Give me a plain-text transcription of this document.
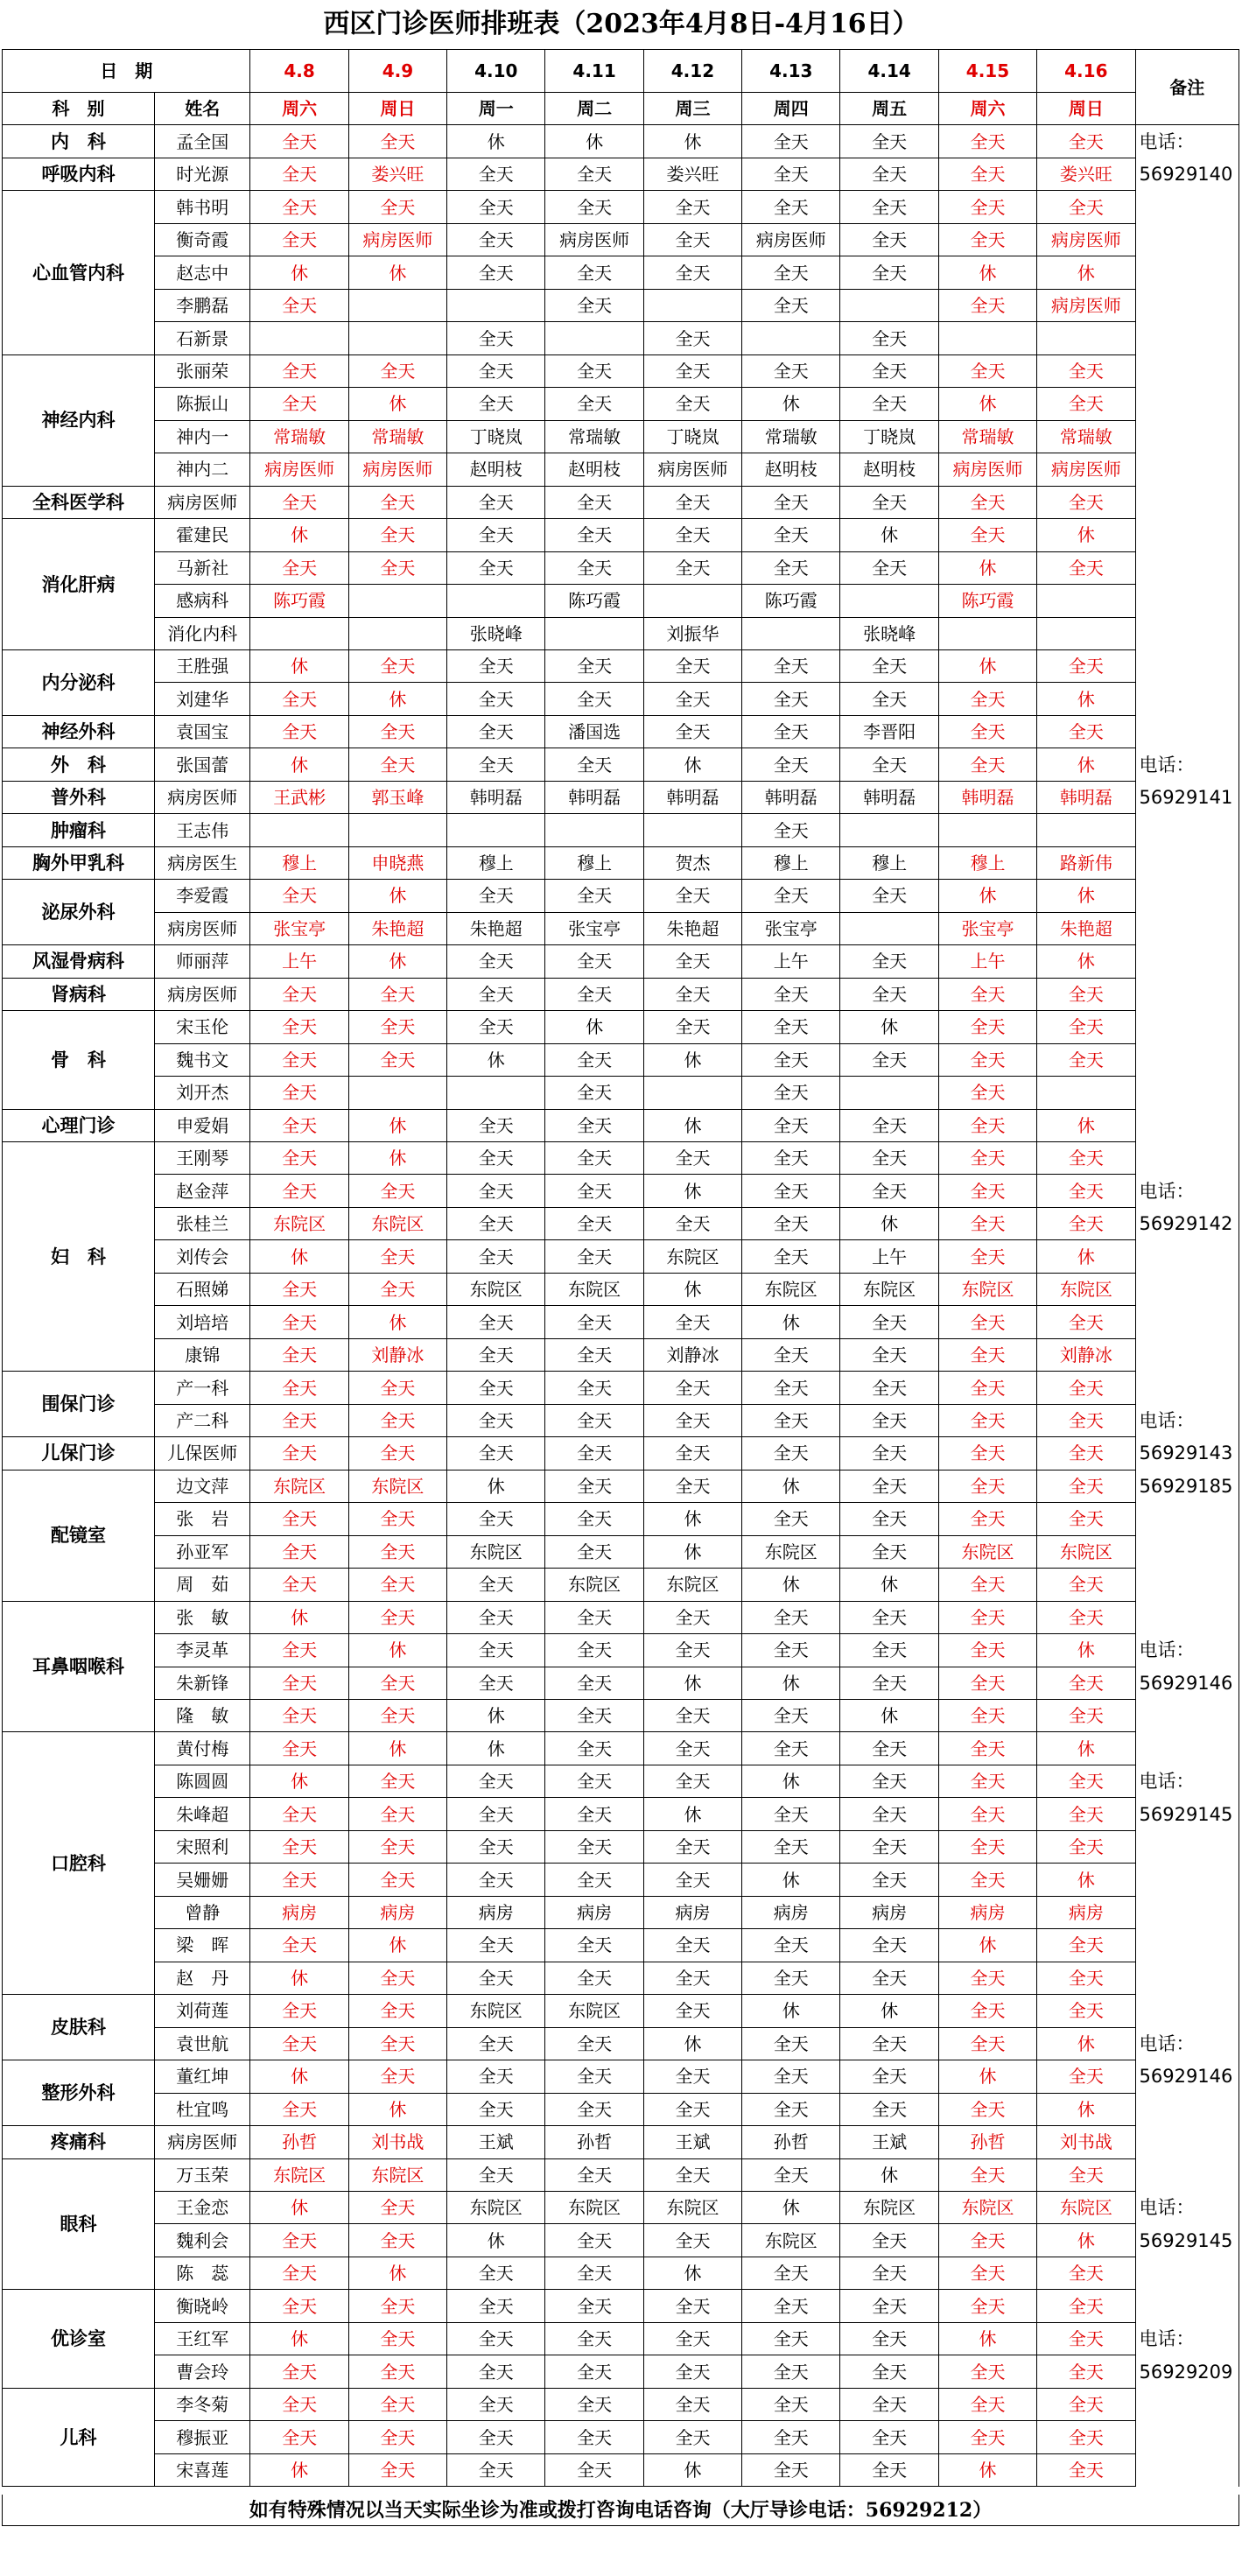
西区门诊医师排班表（2023年4月8日-4月16日）
日　期		4.8	4.9	4.10	4.11	4.12	4.13	4.14	4.15	4.16	备注
科　别	姓名	周六	周日	周一	周二	周三	周四	周五	周六	周日	
内　科	孟全国	全天	全天	休	休	休	全天	全天	全天	全天	电话：
呼吸内科	时光源	全天	娄兴旺	全天	全天	娄兴旺	全天	全天	全天	娄兴旺	56929140
心血管内科	韩书明	全天	全天	全天	全天	全天	全天	全天	全天	全天	
	衡奇霞	全天	病房医师	全天	病房医师	全天	病房医师	全天	全天	病房医师	
	赵志中	休	休	全天	全天	全天	全天	全天	休	休	
	李鹏磊	全天			全天		全天		全天	病房医师	
	石新景			全天		全天		全天			
神经内科	张丽荣	全天	全天	全天	全天	全天	全天	全天	全天	全天	
	陈振山	全天	休	全天	全天	全天	休	全天	休	全天	
	神内一	常瑞敏	常瑞敏	丁晓岚	常瑞敏	丁晓岚	常瑞敏	丁晓岚	常瑞敏	常瑞敏	
	神内二	病房医师	病房医师	赵明枝	赵明枝	病房医师	赵明枝	赵明枝	病房医师	病房医师	
全科医学科	病房医师	全天	全天	全天	全天	全天	全天	全天	全天	全天	
消化肝病	霍建民	休	全天	全天	全天	全天	全天	休	全天	休	
	马新社	全天	全天	全天	全天	全天	全天	全天	休	全天	
	感病科	陈巧霞			陈巧霞		陈巧霞		陈巧霞		
	消化内科			张晓峰		刘振华		张晓峰			
内分泌科	王胜强	休	全天	全天	全天	全天	全天	全天	休	全天	
	刘建华	全天	休	全天	全天	全天	全天	全天	全天	休	
神经外科	袁国宝	全天	全天	全天	潘国选	全天	全天	李晋阳	全天	全天	
外　科	张国蕾	休	全天	全天	全天	休	全天	全天	全天	休	电话：
普外科	病房医师	王武彬	郭玉峰	韩明磊	韩明磊	韩明磊	韩明磊	韩明磊	韩明磊	韩明磊	56929141
肿瘤科	王志伟						全天				
胸外甲乳科	病房医生	穆上	申晓燕	穆上	穆上	贺杰	穆上	穆上	穆上	路新伟	
泌尿外科	李爱霞	全天	休	全天	全天	全天	全天	全天	休	休	
	病房医师	张宝亭	朱艳超	朱艳超	张宝亭	朱艳超	张宝亭		张宝亭	朱艳超	
风湿骨病科	师丽萍	上午	休	全天	全天	全天	上午	全天	上午	休	
肾病科	病房医师	全天	全天	全天	全天	全天	全天	全天	全天	全天	
骨　科	宋玉伦	全天	全天	全天	休	全天	全天	休	全天	全天	
	魏书文	全天	全天	休	全天	休	全天	全天	全天	全天	
	刘开杰	全天			全天		全天		全天		
心理门诊	申爱娟	全天	休	全天	全天	休	全天	全天	全天	休	
妇　科	王刚琴	全天	休	全天	全天	全天	全天	全天	全天	全天	
	赵金萍	全天	全天	全天	全天	休	全天	全天	全天	全天	电话：
	张桂兰	东院区	东院区	全天	全天	全天	全天	休	全天	全天	56929142
	刘传会	休	全天	全天	全天	东院区	全天	上午	全天	休	
	石照娣	全天	全天	东院区	东院区	休	东院区	东院区	东院区	东院区	
	刘培培	全天	休	全天	全天	全天	休	全天	全天	全天	
	康锦	全天	刘静冰	全天	全天	刘静冰	全天	全天	全天	刘静冰	
围保门诊	产一科	全天	全天	全天	全天	全天	全天	全天	全天	全天	
	产二科	全天	全天	全天	全天	全天	全天	全天	全天	全天	电话：
儿保门诊	儿保医师	全天	全天	全天	全天	全天	全天	全天	全天	全天	56929143
配镜室	边文萍	东院区	东院区	休	全天	全天	休	全天	全天	全天	56929185
	张　岩	全天	全天	全天	全天	休	全天	全天	全天	全天	
	孙亚军	全天	全天	东院区	全天	休	东院区	全天	东院区	东院区	
	周　茹	全天	全天	全天	东院区	东院区	休	休	全天	全天	
耳鼻咽喉科	张　敏	休	全天	全天	全天	全天	全天	全天	全天	全天	
	李灵革	全天	休	全天	全天	全天	全天	全天	全天	休	电话：
	朱新锋	全天	全天	全天	全天	休	休	全天	全天	全天	56929146
	隆　敏	全天	全天	休	全天	全天	全天	休	全天	全天	
口腔科	黄付梅	全天	休	休	全天	全天	全天	全天	全天	休	
	陈圆圆	休	全天	全天	全天	全天	休	全天	全天	全天	电话：
	朱峰超	全天	全天	全天	全天	休	全天	全天	全天	全天	56929145
	宋照利	全天	全天	全天	全天	全天	全天	全天	全天	全天	
	吴姗姗	全天	全天	全天	全天	全天	休	全天	全天	休	
	曾静	病房	病房	病房	病房	病房	病房	病房	病房	病房	
	梁　晖	全天	休	全天	全天	全天	全天	全天	休	全天	
	赵　丹	休	全天	全天	全天	全天	全天	全天	全天	全天	
皮肤科	刘荷莲	全天	全天	东院区	东院区	全天	休	休	全天	全天	
	袁世航	全天	全天	全天	全天	休	全天	全天	全天	休	电话：
整形外科	董红坤	休	全天	全天	全天	全天	全天	全天	休	全天	56929146
	杜宜鸣	全天	休	全天	全天	全天	全天	全天	全天	休	
疼痛科	病房医师	孙哲	刘书战	王斌	孙哲	王斌	孙哲	王斌	孙哲	刘书战	
眼科	万玉荣	东院区	东院区	全天	全天	全天	全天	休	全天	全天	
	王金恋	休	全天	东院区	东院区	东院区	休	东院区	东院区	东院区	电话：
	魏利会	全天	全天	休	全天	全天	东院区	全天	全天	休	56929145
	陈　蕊	全天	休	全天	全天	休	全天	全天	全天	全天	
优诊室	衡晓岭	全天	全天	全天	全天	全天	全天	全天	全天	全天	
	王红军	休	全天	全天	全天	全天	全天	全天	休	全天	电话：
	曹会玲	全天	全天	全天	全天	全天	全天	全天	全天	全天	56929209
儿科	李冬菊	全天	全天	全天	全天	全天	全天	全天	全天	全天	
	穆振亚	全天	全天	全天	全天	全天	全天	全天	全天	全天	
	宋喜莲	休	全天	全天	全天	休	全天	全天	休	全天	
如有特殊情况以当天实际坐诊为准或拨打咨询电话咨询（大厅导诊电话：56929212）
